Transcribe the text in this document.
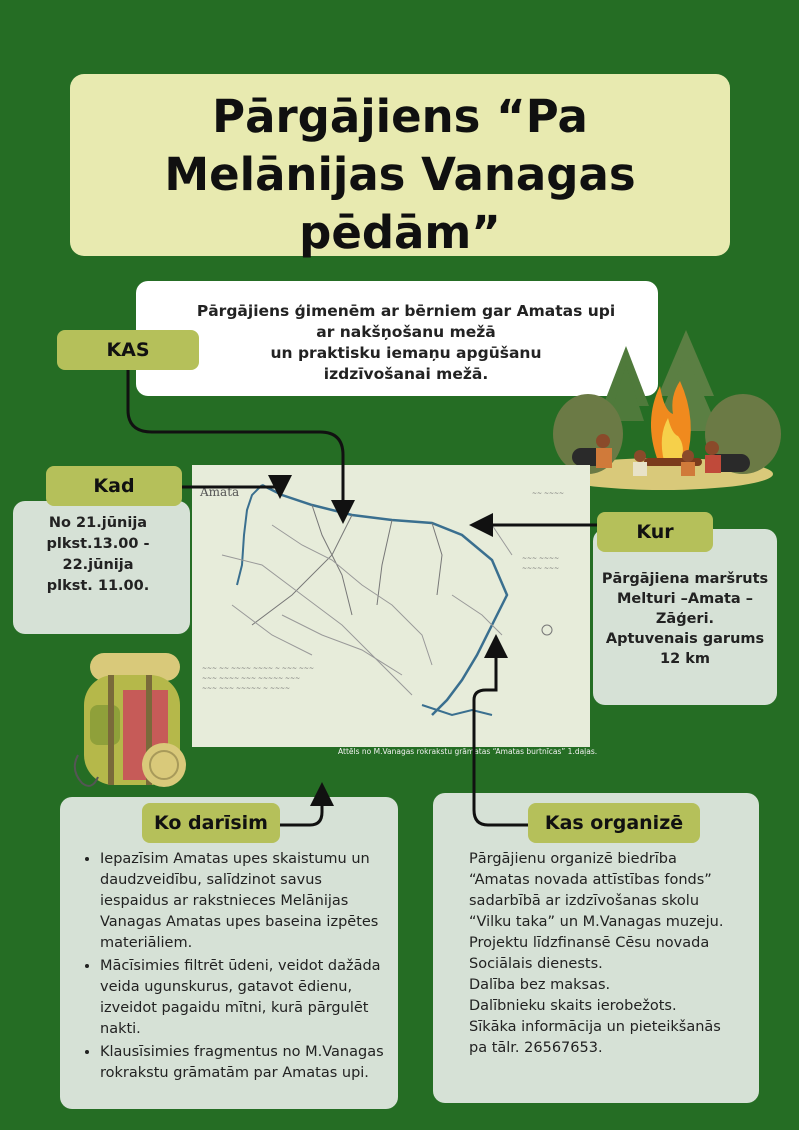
Pārgājiens “Pa
Melānijas Vanagas
pēdām”
Pārgājiens ģimenēm ar bērniem gar Amatas upi
ar nakšņošanu mežā
un praktisku iemaņu apgūšanu
izdzīvošanai mežā.
KAS
No 21.jūnija
plkst.13.00 -
22.jūnija
plkst. 11.00.
Kad	Amata
~~~ ~~ ~~~~ ~~~~ ~ ~~~ ~~~
~~~ ~~~~ ~~~ ~~~~~ ~~~
~~~ ~~~ ~~~~~ ~ ~~~~
~~ ~~~~
~~~ ~~~~
~~~~ ~~~
Attēls no M.Vanagas rokrakstu grāmatas “Amatas burtnīcas” 1.daļas.
Pārgājiena maršruts
Melturi –Amata –
Zāģeri.
Aptuvenais garums
12 km
Kur
• Iepazīsim Amatas upes skaistumu un daudzveidību, salīdzinot savus iespaidus ar rakstnieces Melānijas Vanagas Amatas upes baseina izpētes materiāliem.
• Mācīsimies filtrēt ūdeni, veidot dažāda veida ugunskurus, gatavot ēdienu, izveidot pagaidu mītni, kurā pārgulēt nakti.
• Klausīsimies fragmentus no M.Vanagas rokrakstu grāmatām par Amatas upi.
Ko darīsim
Pārgājienu organizē biedrība
“Amatas novada attīstības fonds”
sadarbībā ar izdzīvošanas skolu
“Vilku taka” un M.Vanagas muzeju.
Projektu līdzfinansē Cēsu novada
Sociālais dienests.
Dalība bez maksas.
Dalībnieku skaits ierobežots.
Sīkāka informācija un pieteikšanās
pa tālr. 26567653.
Kas organizē
